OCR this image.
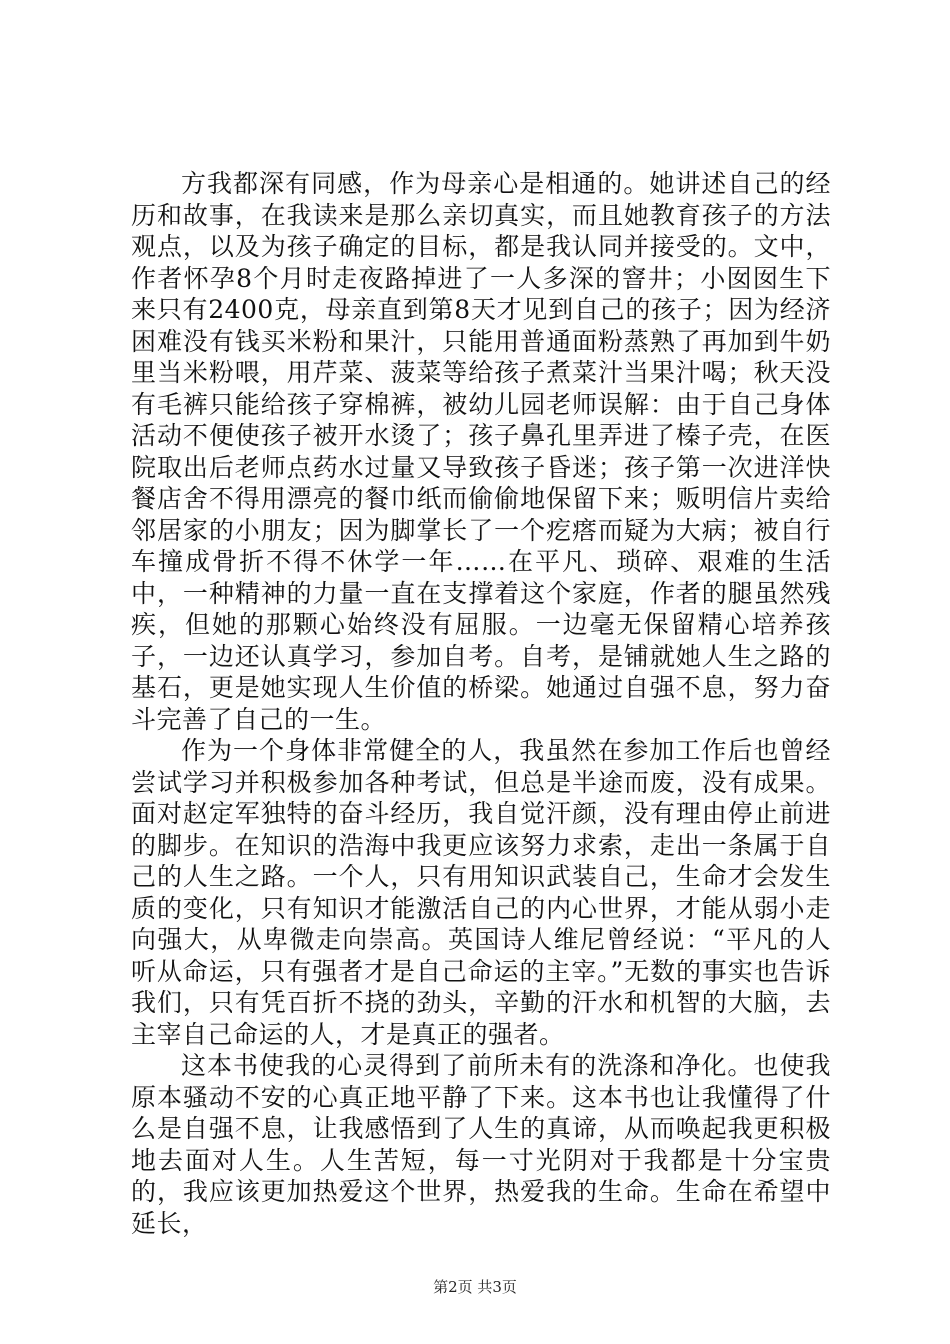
方我都深有同感，作为母亲心是相通的。她讲述自己的经历和故事，在我读来是那么亲切真实，而且她教育孩子的方法观点，以及为孩子确定的目标，都是我认同并接受的。文中，作者怀孕8个月时走夜路掉进了一人多深的窨井；小囡囡生下来只有2400克，母亲直到第8天才见到自己的孩子；因为经济困难没有钱买米粉和果汁，只能用普通面粉蒸熟了再加到牛奶里当米粉喂，用芹菜、菠菜等给孩子煮菜汁当果汁喝；秋天没有毛裤只能给孩子穿棉裤，被幼儿园老师误解：由于自己身体活动不便使孩子被开水烫了；孩子鼻孔里弄进了榛子壳，在医院取出后老师点药水过量又导致孩子昏迷；孩子第一次进洋快餐店舍不得用漂亮的餐巾纸而偷偷地保留下来；贩明信片卖给邻居家的小朋友；因为脚掌长了一个疙瘩而疑为大病；被自行车撞成骨折不得不休学一年……在平凡、琐碎、艰难的生活中，一种精神的力量一直在支撑着这个家庭，作者的腿虽然残疾，但她的那颗心始终没有屈服。一边毫无保留精心培养孩子，一边还认真学习，参加自考。自考，是铺就她人生之路的基石，更是她实现人生价值的桥梁。她通过自强不息，努力奋斗完善了自己的一生。

作为一个身体非常健全的人，我虽然在参加工作后也曾经尝试学习并积极参加各种考试，但总是半途而废，没有成果。面对赵定军独特的奋斗经历，我自觉汗颜，没有理由停止前进的脚步。在知识的浩海中我更应该努力求索，走出一条属于自己的人生之路。一个人，只有用知识武装自己，生命才会发生质的变化，只有知识才能激活自己的内心世界，才能从弱小走向强大，从卑微走向崇高。英国诗人维尼曾经说：“平凡的人听从命运，只有强者才是自己命运的主宰。”无数的事实也告诉我们，只有凭百折不挠的劲头，辛勤的汗水和机智的大脑，去主宰自己命运的人，才是真正的强者。

这本书使我的心灵得到了前所未有的洗涤和净化。也使我原本骚动不安的心真正地平静了下来。这本书也让我懂得了什么是自强不息，让我感悟到了人生的真谛，从而唤起我更积极地去面对人生。人生苦短，每一寸光阴对于我都是十分宝贵的，我应该更加热爱这个世界，热爱我的生命。生命在希望中延长，

第2页 共3页
